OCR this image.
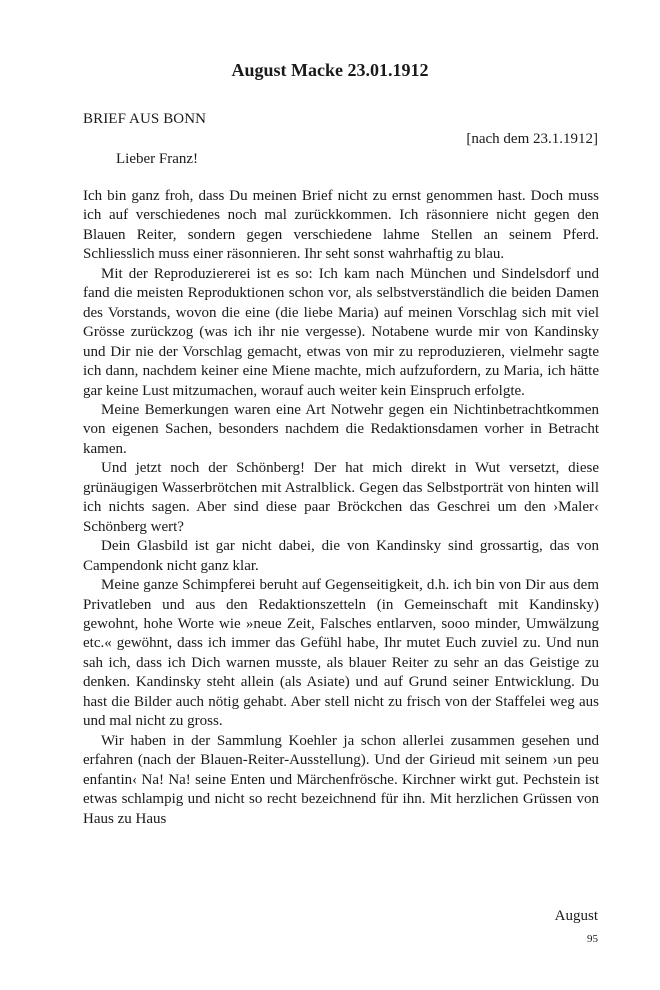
August Macke 23.01.1912
BRIEF AUS BONN
[nach dem 23.1.1912]
Lieber Franz!

Ich bin ganz froh, dass Du meinen Brief nicht zu ernst genommen hast. Doch muss ich auf verschiedenes noch mal zurückkommen. Ich räsonniere nicht gegen den Blauen Reiter, sondern gegen verschiedene lahme Stellen an seinem Pferd. Schliesslich muss einer räsonnieren. Ihr seht sonst wahrhaftig zu blau.

Mit der Reproduziererei ist es so: Ich kam nach München und Sindelsdorf und fand die meisten Reproduktionen schon vor, als selbstverständlich die beiden Damen des Vorstands, wovon die eine (die liebe Maria) auf meinen Vorschlag sich mit viel Grösse zurückzog (was ich ihr nie vergesse). Notabene wurde mir von Kandinsky und Dir nie der Vorschlag gemacht, etwas von mir zu reproduzieren, vielmehr sagte ich dann, nachdem keiner eine Miene machte, mich aufzufordern, zu Maria, ich hätte gar keine Lust mitzumachen, worauf auch weiter kein Einspruch erfolgte.

Meine Bemerkungen waren eine Art Notwehr gegen ein Nichtinbetrachtkommen von eigenen Sachen, besonders nachdem die Redaktionsdamen vorher in Betracht kamen.

Und jetzt noch der Schönberg! Der hat mich direkt in Wut versetzt, diese grünäugigen Wasserbrötchen mit Astralblick. Gegen das Selbstporträt von hinten will ich nichts sagen. Aber sind diese paar Bröckchen das Geschrei um den ›Maler‹ Schönberg wert?

Dein Glasbild ist gar nicht dabei, die von Kandinsky sind grossartig, das von Campendonk nicht ganz klar.

Meine ganze Schimpferei beruht auf Gegenseitigkeit, d.h. ich bin von Dir aus dem Privatleben und aus den Redaktionszetteln (in Gemeinschaft mit Kandinsky) gewohnt, hohe Worte wie »neue Zeit, Falsches entlarven, sooo minder, Umwälzung etc.« gewöhnt, dass ich immer das Gefühl habe, Ihr mutet Euch zuviel zu. Und nun sah ich, dass ich Dich warnen musste, als blauer Reiter zu sehr an das Geistige zu denken. Kandinsky steht allein (als Asiate) und auf Grund seiner Entwicklung. Du hast die Bilder auch nötig gehabt. Aber stell nicht zu frisch von der Staffelei weg aus und mal nicht zu gross.

Wir haben in der Sammlung Koehler ja schon allerlei zusammen gesehen und erfahren (nach der Blauen-Reiter-Ausstellung). Und der Girieud mit seinem ›un peu enfantin‹ Na! Na! seine Enten und Märchenfrösche. Kirchner wirkt gut. Pechstein ist etwas schlampig und nicht so recht bezeichnend für ihn. Mit herzlichen Grüssen von Haus zu Haus

August
95
